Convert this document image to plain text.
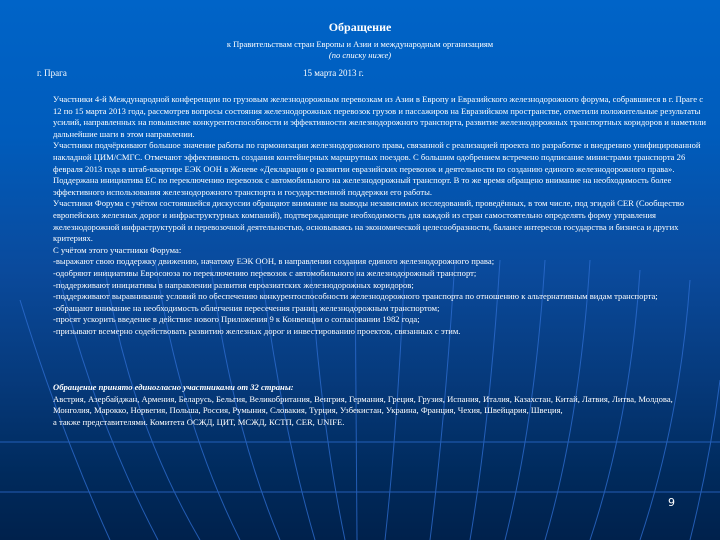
Обращение
к Правительствам стран Европы и Азии и международным организациям
(по списку ниже)
г. Прага	15 марта 2013 г.

Участники 4-й Международной конференции по грузовым железнодорожным перевозкам из Азии в Европу и Евразийского железнодорожного форума, собравшиеся в г. Праге с 12 по 15 марта 2013 года, рассмотрев вопросы состояния железнодорожных перевозок грузов и пассажиров на Евразийском пространстве, отметили положительные результаты усилий, направленных на повышение конкурентоспособности и эффективности железнодорожного транспорта, развитие железнодорожных транспортных коридоров и наметили дальнейшие шаги в этом направлении.

Участники подчёркивают большое значение работы по гармонизации железнодорожного права, связанной с реализацией проекта по разработке и внедрению унифицированной накладной ЦИМ/СМГС. Отмечают эффективность создания контейнерных маршрутных поездов. С большим одобрением встречено подписание министрами транспорта 26 февраля 2013 года в штаб-квартире ЕЭК ООН в Женеве «Декларации о развитии евразийских перевозок и деятельности по созданию единого железнодорожного права». Поддержана инициатива ЕС по переключению перевозок с автомобильного на железнодорожный транспорт. В то же время обращено внимание на необходимость более эффективного использования железнодорожного транспорта и государственной поддержки его работы.

Участники Форума с учётом состоявшейся дискуссии обращают внимание на выводы независимых исследований, проведённых, в том числе, под эгидой CER (Сообщество европейских железных дорог и инфраструктурных компаний), подтверждающие необходимость для каждой из стран самостоятельно определять форму управления железнодорожной инфраструктурой и перевозочной деятельностью, основываясь на экономической целесообразности, балансе интересов государства и бизнеса и других критериях.

С учётом этого участники Форума:

-выражают свою поддержку движению, начатому ЕЭК ООН, в направлении создания единого железнодорожного права;
-одобряют инициативы Евросоюза по переключению перевозок с автомобильного на железнодорожный транспорт;
-поддерживают инициативы в направлении развития евроазиатских железнодорожных коридоров;
-поддерживают выравнивание условий по обеспечению конкурентоспособности железнодорожного транспорта по отношению к альтернативным видам транспорта;
-обращают внимание на необходимость облегчения пересечения границ железнодорожным транспортом;
-просят ускорить введение в действие нового Приложения 9 к Конвенции о согласовании 1982 года;
-призывают всемерно содействовать развитию железных дорог и инвестированию проектов, связанных с этим.

Обращение принято единогласно участниками от 32 страны:

Австрия, Азербайджан, Армения, Беларусь, Бельгия, Великобритания, Венгрия, Германия, Греция, Грузия, Испания, Италия, Казахстан, Китай, Латвия, Литва, Молдова, Монголия, Марокко, Норвегия, Польша, Россия, Румыния, Словакия, Турция, Узбекистан, Украина, Франция, Чехия, Швейцария, Швеция,

а также представителями. Комитета ОСЖД, ЦИТ, МСЖД, КСТП, CER, UNIFE.

9
